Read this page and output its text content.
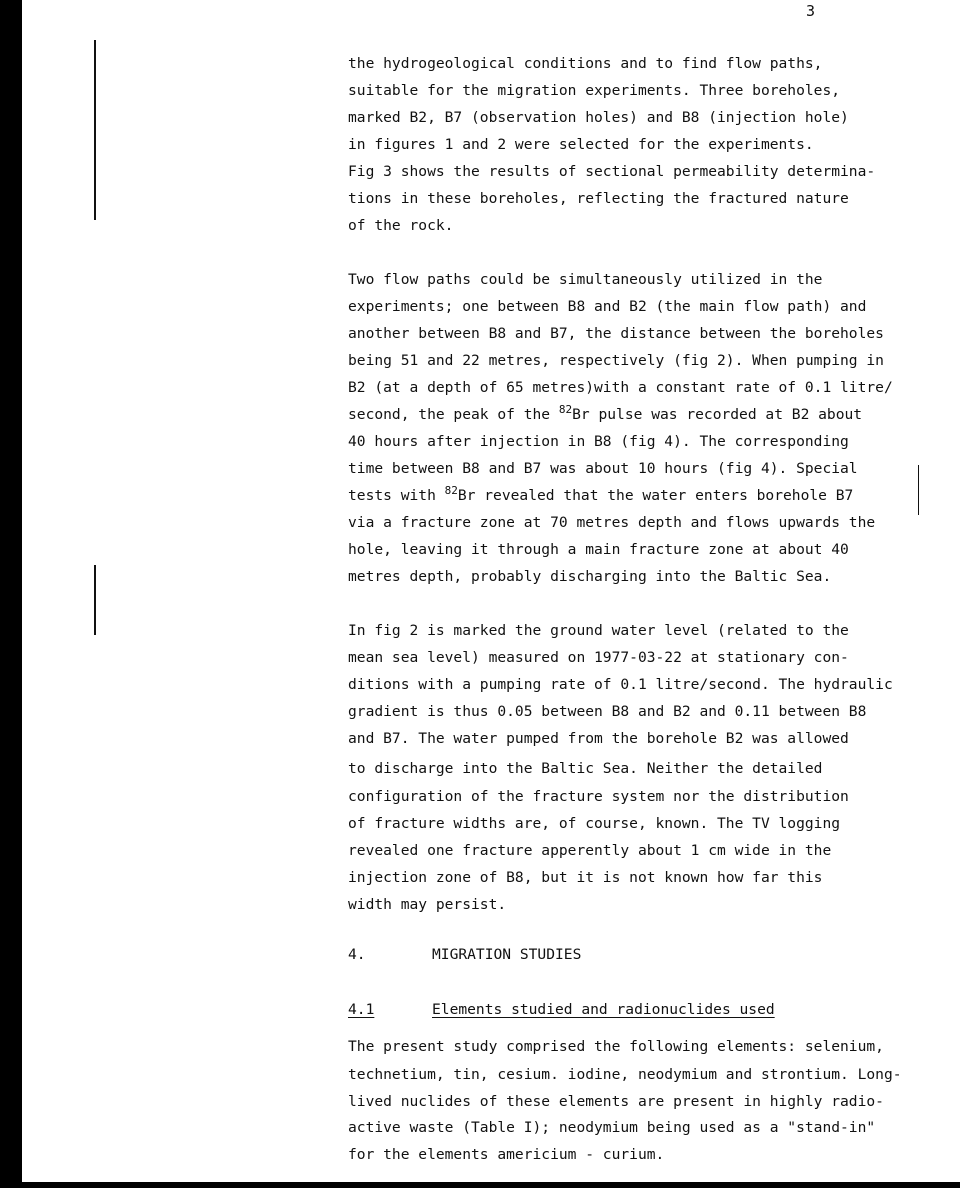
3
the hydrogeological conditions and to find flow paths,
suitable for the migration experiments. Three boreholes,
marked B2, B7 (observation holes) and B8 (injection hole)
in figures 1 and 2 were selected for the experiments.
Fig 3 shows the results of sectional permeability determina-
tions in these boreholes, reflecting the fractured nature
of the rock.
Two flow paths could be simultaneously utilized in the
experiments; one between B8 and B2 (the main flow path) and
another between B8 and B7, the distance between the boreholes
being 51 and 22 metres, respectively (fig 2). When pumping in
B2 (at a depth of 65 metres)with a constant rate of 0.1 litre/
second, the peak of the $^{82}$Br pulse was recorded at B2 about
40 hours after injection in B8 (fig 4). The corresponding
time between B8 and B7 was about 10 hours (fig 4). Special
tests with $^{82}$Br revealed that the water enters borehole B7
via a fracture zone at 70 metres depth and flows upwards the
hole, leaving it through a main fracture zone at about 40
metres depth, probably discharging into the Baltic Sea.
In fig 2 is marked the ground water level (related to the
mean sea level) measured on 1977-03-22 at stationary con-
ditions with a pumping rate of 0.1 litre/second. The hydraulic
gradient is thus 0.05 between B8 and B2 and 0.11 between B8
and B7. The water pumped from the borehole B2 was allowed
to discharge into the Baltic Sea. Neither the detailed
configuration of the fracture system nor the distribution
of fracture widths are, of course, known. The TV logging
revealed one fracture apperently about 1 cm wide in the
injection zone of B8, but it is not known how far this
width may persist.
4.	MIGRATION STUDIES
4.1	Elements studied and radionuclides used
The present study comprised the following elements: selenium,
technetium, tin, cesium. iodine, neodymium and strontium. Long-
lived nuclides of these elements are present in highly radio-
active waste (Table I); neodymium being used as a "stand-in"
for the elements americium - curium.
